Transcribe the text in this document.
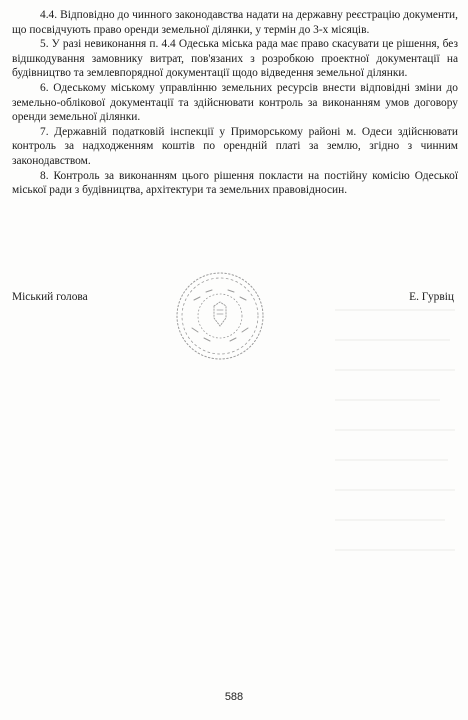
4.4. Відповідно до чинного законодавства надати на державну реєстрацію документи, що посвідчують право оренди земельної ділянки, у термін до 3-х місяців.

5. У разі невиконання п. 4.4 Одеська міська рада має право скасувати це рішення, без відшкодування замовнику витрат, пов'язаних з розробкою проектної документації на будівництво та землевпорядної документації щодо відведення земельної ділянки.

6. Одеському міському управлінню земельних ресурсів внести відповідні зміни до земельно-облікової документації та здійснювати контроль за виконанням умов договору оренди земельної ділянки.

7. Державній податковій інспекції у Приморському районі м. Одеси здійснювати контроль за надходженням коштів по орендній платі за землю, згідно з чинним законодавством.

8. Контроль за виконанням цього рішення покласти на постійну комісію Одеської міської ради з будівництва, архітектури та земельних правовідносин.

Міський голова	Е. Гурвіц
588
